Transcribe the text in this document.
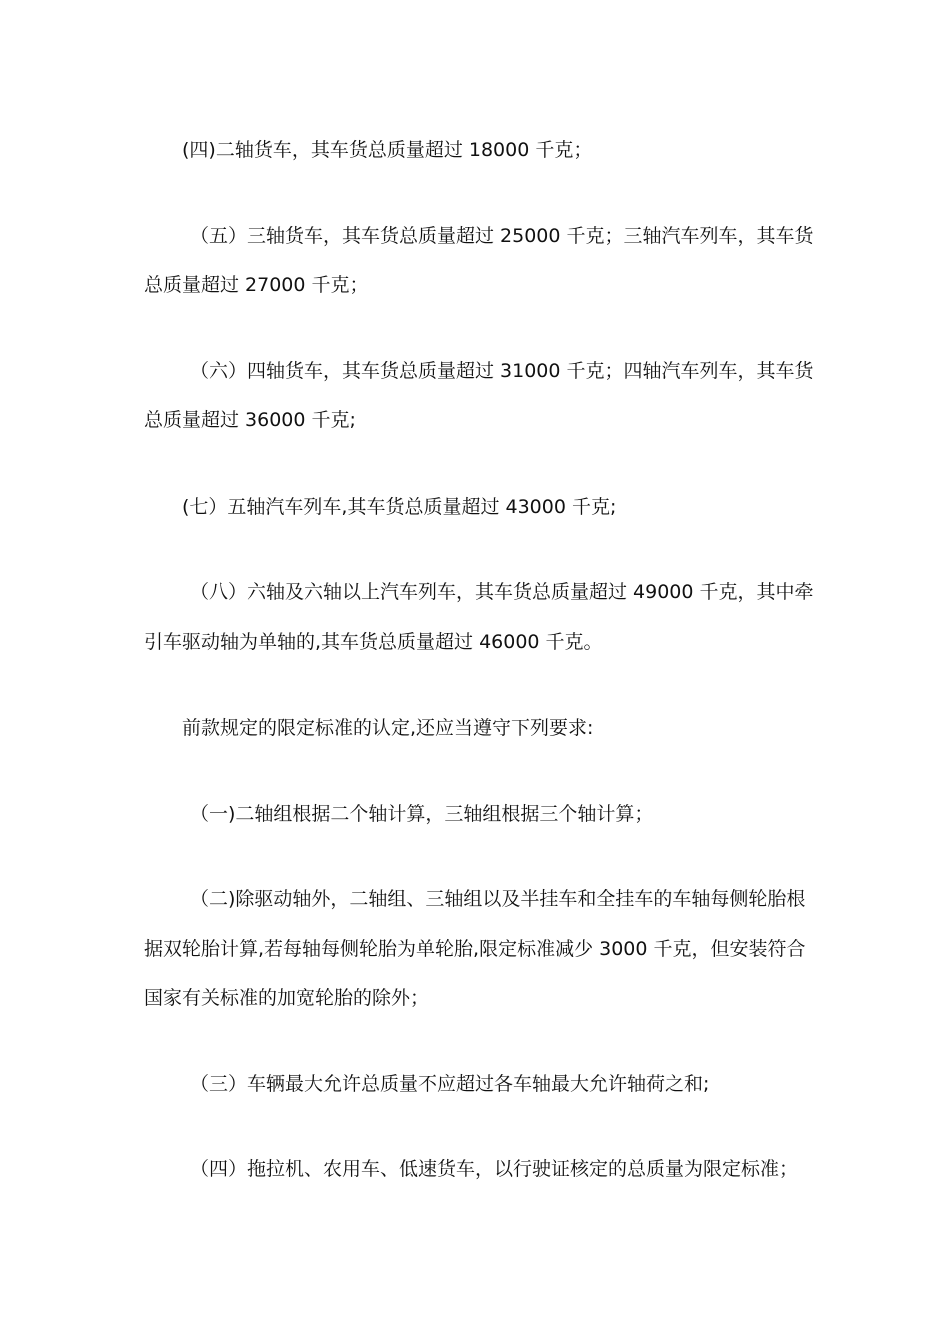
(四)二轴货车，其车货总质量超过 18000 千克；
（五）三轴货车，其车货总质量超过 25000 千克；三轴汽车列车，其车货
总质量超过 27000 千克；
（六）四轴货车，其车货总质量超过 31000 千克；四轴汽车列车，其车货
总质量超过 36000 千克;
(七）五轴汽车列车,其车货总质量超过 43000 千克;
（八）六轴及六轴以上汽车列车，其车货总质量超过 49000 千克，其中牵
引车驱动轴为单轴的,其车货总质量超过 46000 千克。
前款规定的限定标准的认定,还应当遵守下列要求:
（一)二轴组根据二个轴计算，三轴组根据三个轴计算；
（二)除驱动轴外，二轴组、三轴组以及半挂车和全挂车的车轴每侧轮胎根
据双轮胎计算,若每轴每侧轮胎为单轮胎,限定标准减少 3000 千克，但安装符合
国家有关标准的加宽轮胎的除外；
（三）车辆最大允许总质量不应超过各车轴最大允许轴荷之和;
（四）拖拉机、农用车、低速货车，以行驶证核定的总质量为限定标准；
